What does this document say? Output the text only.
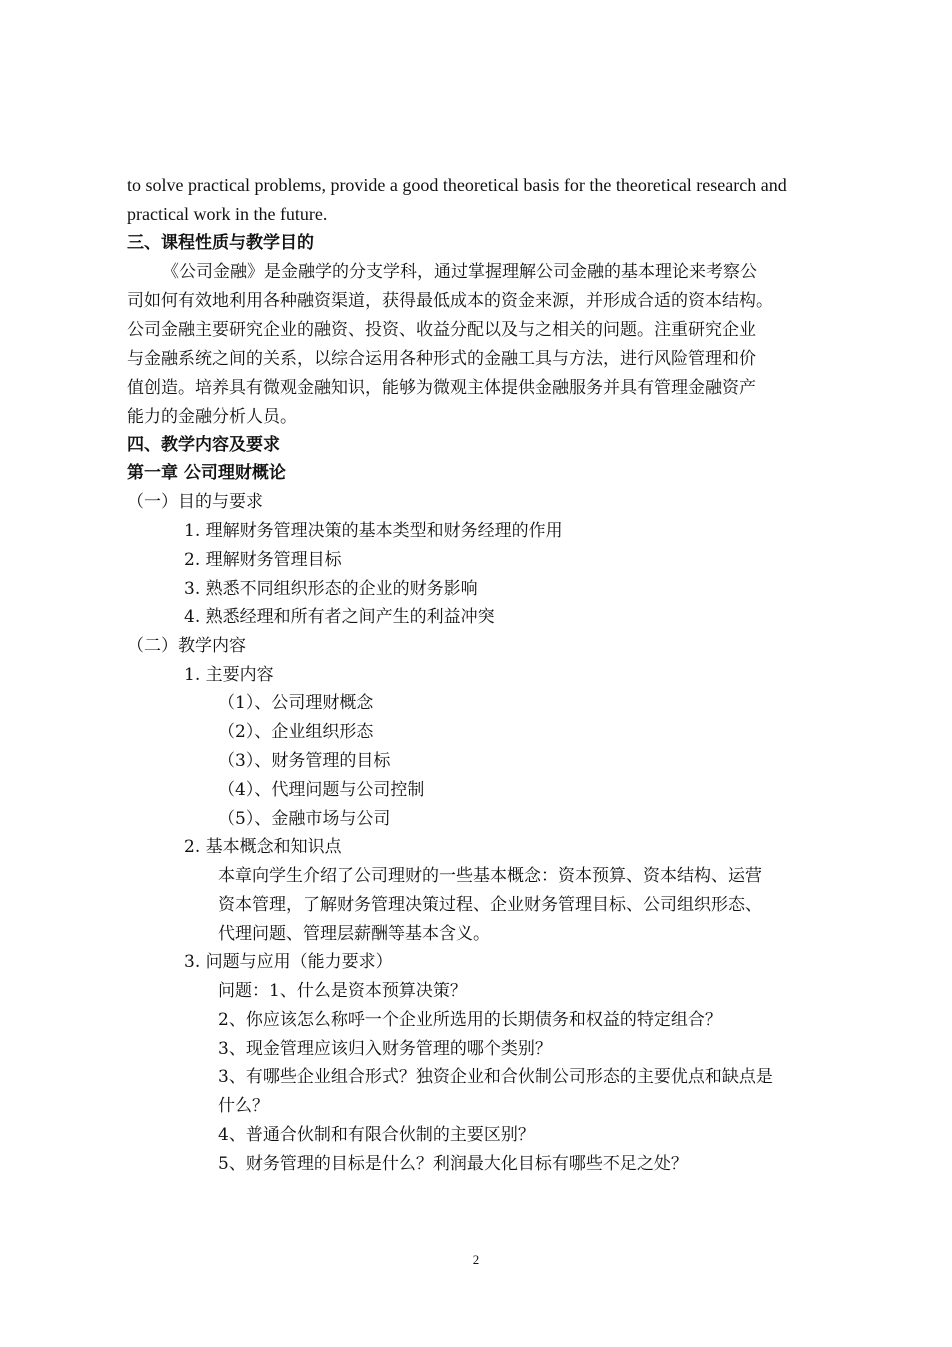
to solve practical problems, provide a good theoretical basis for the theoretical research and
practical work in the future.
三、课程性质与教学目的
《公司金融》是金融学的分支学科，通过掌握理解公司金融的基本理论来考察公
司如何有效地利用各种融资渠道，获得最低成本的资金来源，并形成合适的资本结构。
公司金融主要研究企业的融资、投资、收益分配以及与之相关的问题。注重研究企业
与金融系统之间的关系，以综合运用各种形式的金融工具与方法，进行风险管理和价
值创造。培养具有微观金融知识，能够为微观主体提供金融服务并具有管理金融资产
能力的金融分析人员。
四、教学内容及要求
第一章 公司理财概论
（一）目的与要求
1. 理解财务管理决策的基本类型和财务经理的作用
2. 理解财务管理目标
3. 熟悉不同组织形态的企业的财务影响
4. 熟悉经理和所有者之间产生的利益冲突
（二）教学内容
1. 主要内容
（1）、公司理财概念
（2）、企业组织形态
（3）、财务管理的目标
（4）、代理问题与公司控制
（5）、金融市场与公司
2. 基本概念和知识点
本章向学生介绍了公司理财的一些基本概念：资本预算、资本结构、运营
资本管理，了解财务管理决策过程、企业财务管理目标、公司组织形态、
代理问题、管理层薪酬等基本含义。
3. 问题与应用（能力要求）
问题：1、什么是资本预算决策？
2、你应该怎么称呼一个企业所选用的长期债务和权益的特定组合？
3、现金管理应该归入财务管理的哪个类别？
3、有哪些企业组合形式？独资企业和合伙制公司形态的主要优点和缺点是
什么？
4、普通合伙制和有限合伙制的主要区别？
5、财务管理的目标是什么？利润最大化目标有哪些不足之处？
2
